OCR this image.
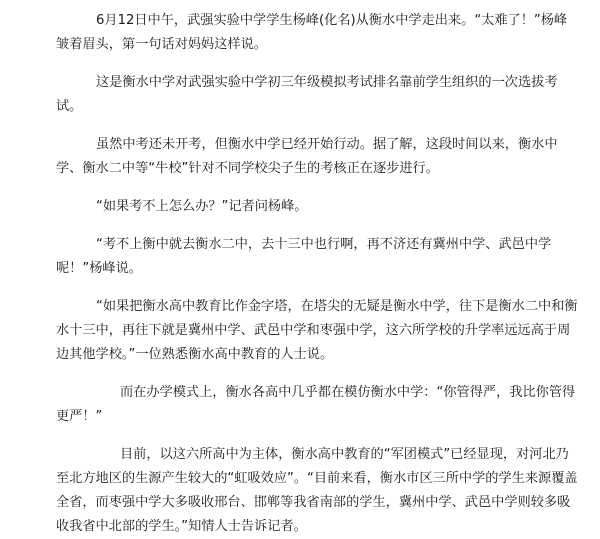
6月12日中午，武强实验中学学生杨峰(化名)从衡水中学走出来。“太难了！”杨峰皱着眉头，第一句话对妈妈这样说。

这是衡水中学对武强实验中学初三年级模拟考试排名靠前学生组织的一次选拔考试。

虽然中考还未开考，但衡水中学已经开始行动。据了解，这段时间以来，衡水中学、衡水二中等“牛校”针对不同学校尖子生的考核正在逐步进行。

“如果考不上怎么办？”记者问杨峰。

“考不上衡中就去衡水二中，去十三中也行啊，再不济还有冀州中学、武邑中学呢！”杨峰说。

“如果把衡水高中教育比作金字塔，在塔尖的无疑是衡水中学，往下是衡水二中和衡水十三中，再往下就是冀州中学、武邑中学和枣强中学，这六所学校的升学率远远高于周边其他学校。”一位熟悉衡水高中教育的人士说。

而在办学模式上，衡水各高中几乎都在模仿衡水中学：“你管得严，我比你管得更严！”

目前，以这六所高中为主体，衡水高中教育的“军团模式”已经显现，对河北乃至北方地区的生源产生较大的“虹吸效应”。“目前来看，衡水市区三所中学的学生来源覆盖全省，而枣强中学大多吸收邢台、邯郸等我省南部的学生，冀州中学、武邑中学则较多吸收我省中北部的学生。”知情人士告诉记者。
